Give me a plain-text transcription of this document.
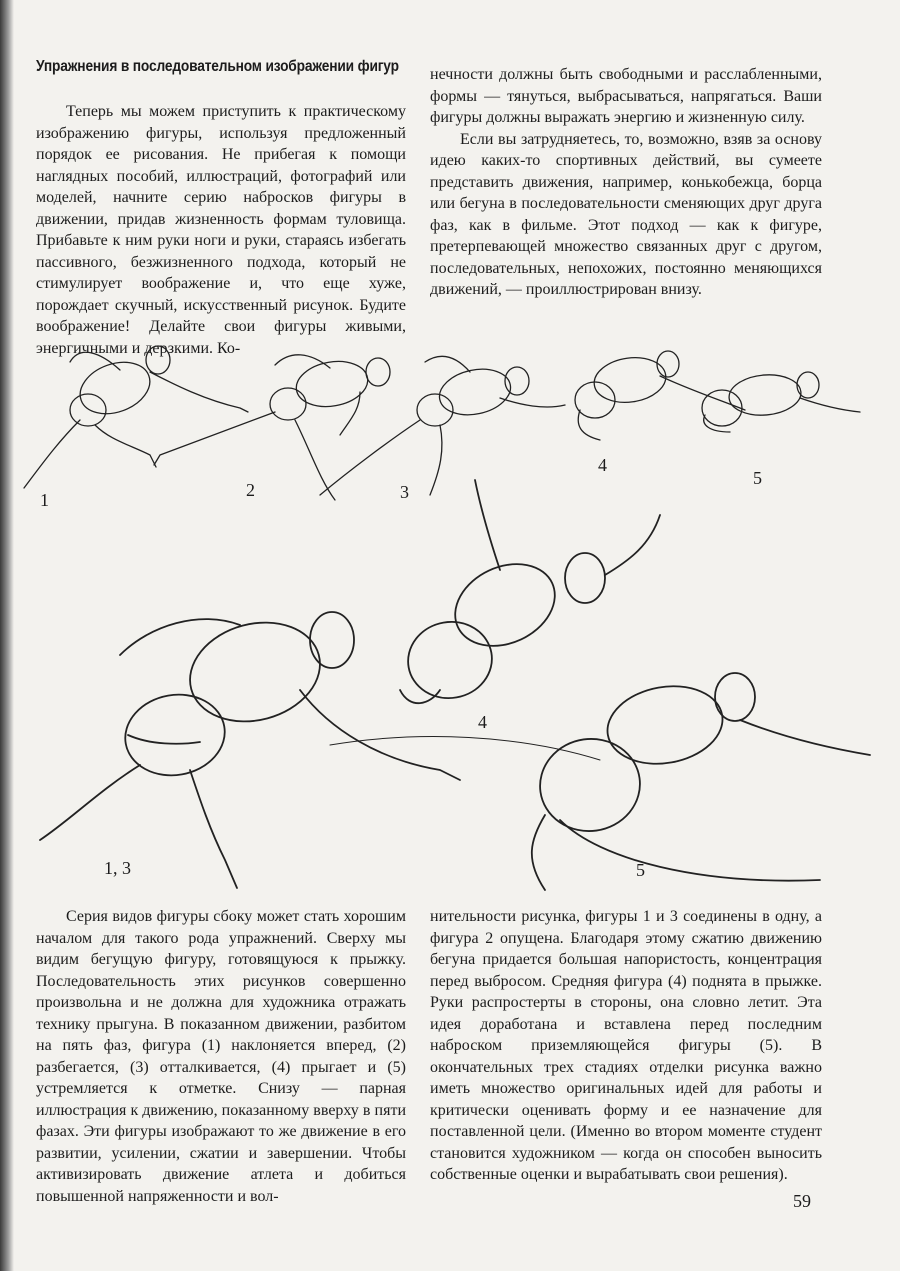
Упражнения в последовательном изображении фигур

Теперь мы можем приступить к практическому изображению фигуры, используя предложенный порядок ее рисования. Не прибегая к помощи наглядных пособий, иллюстраций, фотографий или моделей, начните серию набросков фигуры в движении, придав жизненность формам туловища. Прибавьте к ним руки ноги и руки, стараясь избегать пассивного, безжизненного подхода, который не стимулирует воображение и, что еще хуже, порождает скучный, искусственный рисунок. Будите воображение! Делайте свои фигуры живыми, энергичными и дерзкими. Ко-

нечности должны быть свободными и расслабленными, формы — тянуться, выбрасываться, напрягаться. Ваши фигуры должны выражать энергию и жизненную силу.

Если вы затрудняетесь, то, возможно, взяв за основу идею каких-то спортивных действий, вы сумеете представить движения, например, конькобежца, борца или бегуна в последовательности сменяющих друг друга фаз, как в фильме. Этот подход — как к фигуре, претерпевающей множество связанных друг с другом, последовательных, непохожих, постоянно меняющихся движений, — проиллюстрирован внизу.

1	2	3
4
5
1, 3
4
5

Серия видов фигуры сбоку может стать хорошим началом для такого рода упражнений. Сверху мы видим бегущую фигуру, готовящуюся к прыжку. Последовательность этих рисунков совершенно произвольна и не должна для художника отражать технику прыгуна. В показанном движении, разбитом на пять фаз, фигура (1) наклоняется вперед, (2) разбегается, (3) отталкивается, (4) прыгает и (5) устремляется к отметке. Снизу — парная иллюстрация к движению, показанному вверху в пяти фазах. Эти фигуры изображают то же движение в его развитии, усилении, сжатии и завершении. Чтобы активизировать движение атлета и добиться повышенной напряженности и вол-

нительности рисунка, фигуры 1 и 3 соединены в одну, а фигура 2 опущена. Благодаря этому сжатию движению бегуна придается большая напористость, концентрация перед выбросом. Средняя фигура (4) поднята в прыжке. Руки распростерты в стороны, она словно летит. Эта идея доработана и вставлена перед последним наброском приземляющейся фигуры (5). В окончательных трех стадиях отделки рисунка важно иметь множество оригинальных идей для работы и критически оценивать форму и ее назначение для поставленной цели. (Именно во втором моменте студент становится художником — когда он способен выносить собственные оценки и вырабатывать свои решения).

59
